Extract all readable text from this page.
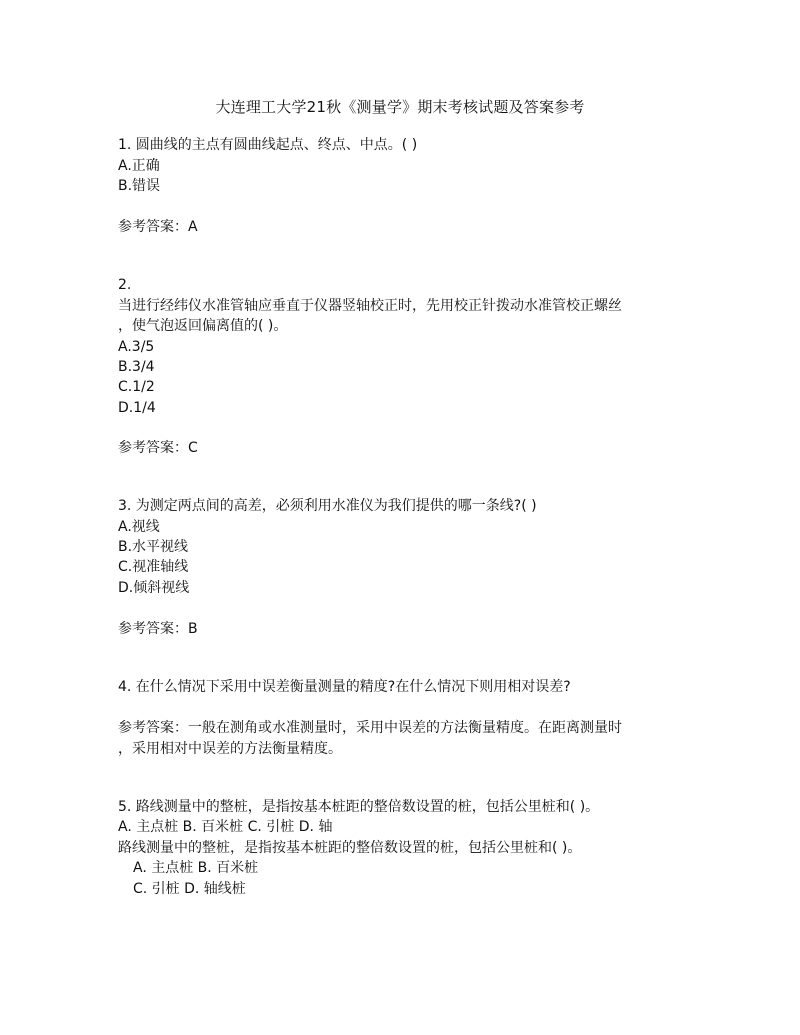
大连理工大学21秋《测量学》期末考核试题及答案参考
1. 圆曲线的主点有圆曲线起点、终点、中点。( )
A.正确
B.错误
参考答案：A
2.
当进行经纬仪水准管轴应垂直于仪器竖轴校正时，先用校正针拨动水准管校正螺丝
，使气泡返回偏离值的( )。
A.3/5
B.3/4
C.1/2
D.1/4
参考答案：C
3. 为测定两点间的高差，必须利用水准仪为我们提供的哪一条线?( )
A.视线
B.水平视线
C.视准轴线
D.倾斜视线
参考答案：B
4. 在什么情况下采用中误差衡量测量的精度?在什么情况下则用相对误差?
参考答案：一般在测角或水准测量时，采用中误差的方法衡量精度。在距离测量时
，采用相对中误差的方法衡量精度。
5. 路线测量中的整桩，是指按基本桩距的整倍数设置的桩，包括公里桩和( )。
A. 主点桩 B. 百米桩 C. 引桩 D. 轴
路线测量中的整桩，是指按基本桩距的整倍数设置的桩，包括公里桩和( )。
A. 主点桩 B. 百米桩
C. 引桩 D. 轴线桩
